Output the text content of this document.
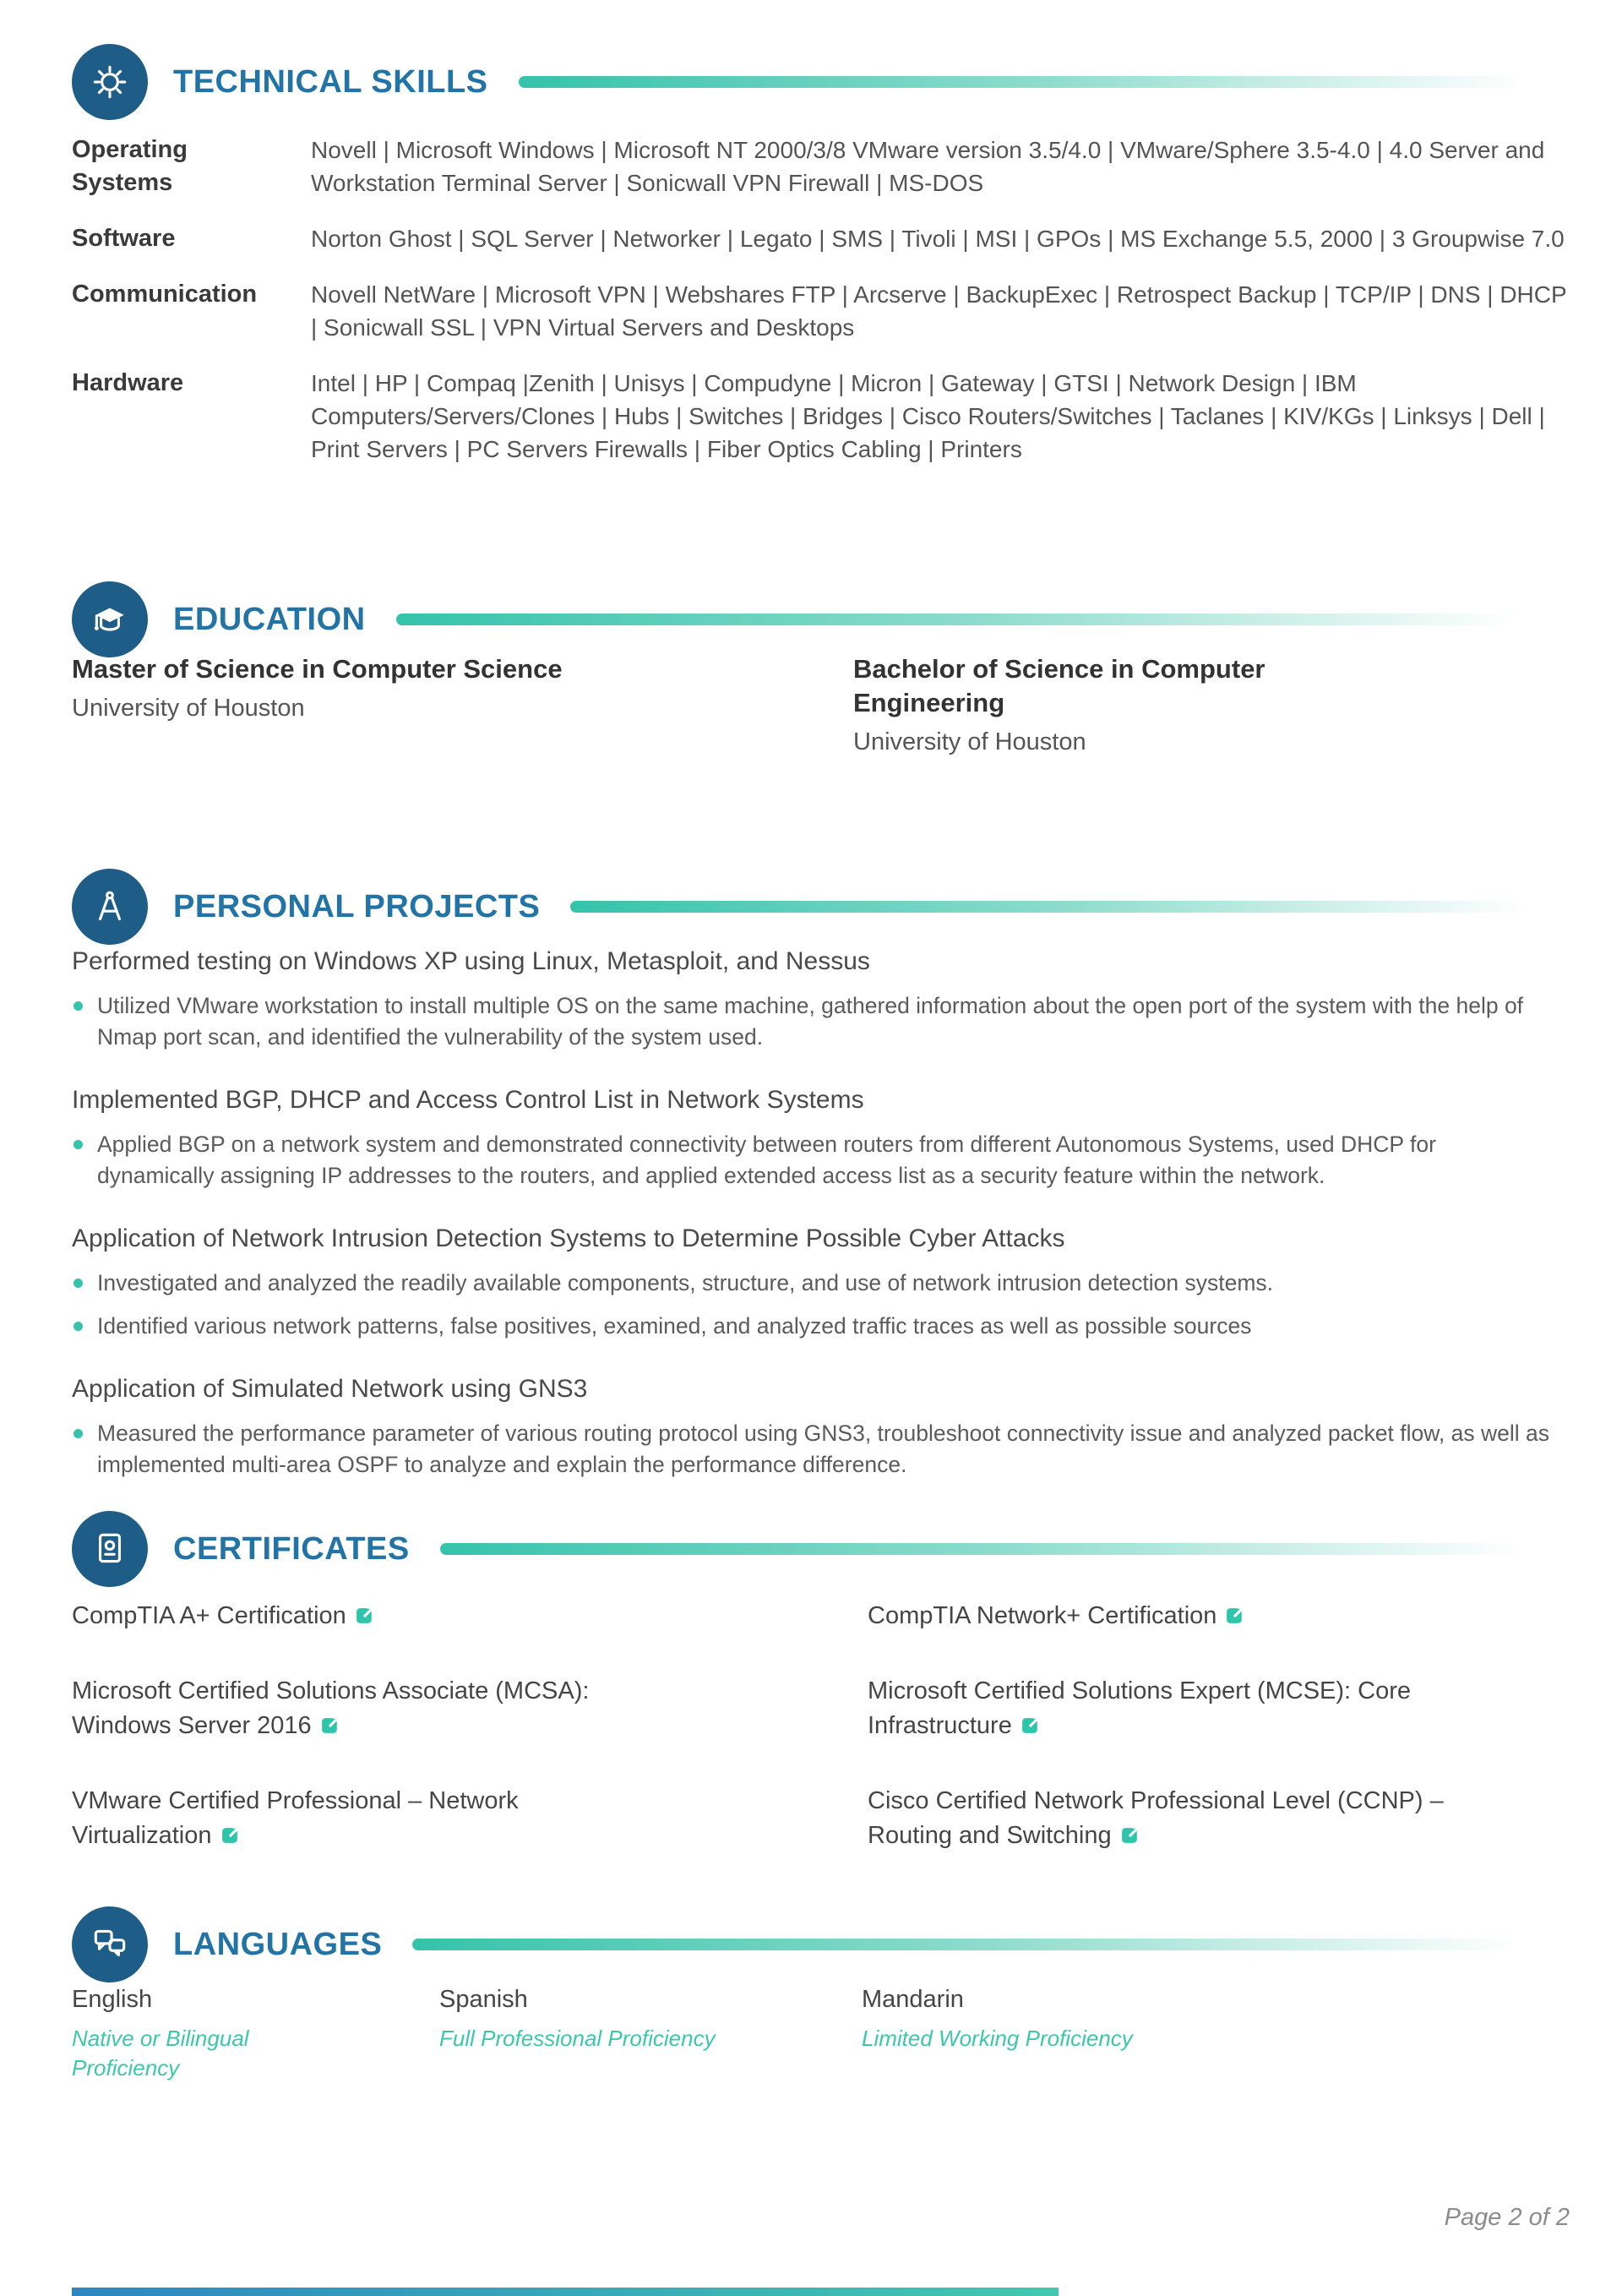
TECHNICAL SKILLS
Operating Systems
Novell | Microsoft Windows | Microsoft NT 2000/3/8 VMware version 3.5/4.0 | VMware/Sphere 3.5-4.0 | 4.0 Server and Workstation Terminal Server | Sonicwall VPN Firewall | MS-DOS
Software	Norton Ghost | SQL Server | Networker | Legato | SMS | Tivoli | MSI | GPOs | MS Exchange 5.5, 2000 | 3 Groupwise 7.0
Communication Novell NetWare | Microsoft VPN | Webshares FTP | Arcserve | BackupExec | Retrospect Backup | TCP/IP | DNS | DHCP | Sonicwall SSL | VPN Virtual Servers and Desktops
Hardware	Intel | HP | Compaq |Zenith | Unisys | Compudyne | Micron | Gateway | GTSI | Network Design | IBM Computers/Servers/Clones | Hubs | Switches | Bridges | Cisco Routers/Switches | Taclanes | KIV/KGs | Linksys | Dell | Print Servers | PC Servers Firewalls | Fiber Optics Cabling | Printers
EDUCATION

Master of Science in Computer Science

University of Houston

Bachelor of Science in Computer Engineering

University of Houston
PERSONAL PROJECTS

Performed testing on Windows XP using Linux, Metasploit, and Nessus

Utilized VMware workstation to install multiple OS on the same machine, gathered information about the open port of the system with the help of Nmap port scan, and identified the vulnerability of the system used.

Implemented BGP, DHCP and Access Control List in Network Systems

Applied BGP on a network system and demonstrated connectivity between routers from different Autonomous Systems, used DHCP for dynamically assigning IP addresses to the routers, and applied extended access list as a security feature within the network.

Application of Network Intrusion Detection Systems to Determine Possible Cyber Attacks

Investigated and analyzed the readily available components, structure, and use of network intrusion detection systems.
Identified various network patterns, false positives, examined, and analyzed traffic traces as well as possible sources

Application of Simulated Network using GNS3

Measured the performance parameter of various routing protocol using GNS3, troubleshoot connectivity issue and analyzed packet flow, as well as implemented multi-area OSPF to analyze and explain the performance difference.
CERTIFICATES
CompTIA A+ Certification	CompTIA Network+ Certification
Microsoft Certified Solutions Associate (MCSA): Windows Server 2016
Microsoft Certified Solutions Expert (MCSE): Core Infrastructure
VMware Certified Professional – Network Virtualization
Cisco Certified Network Professional Level (CCNP) – Routing and Switching
LANGUAGES
English
Native or Bilingual Proficiency
Spanish
Full Professional Proficiency
Mandarin
Limited Working Proficiency
Page 2 of 2
